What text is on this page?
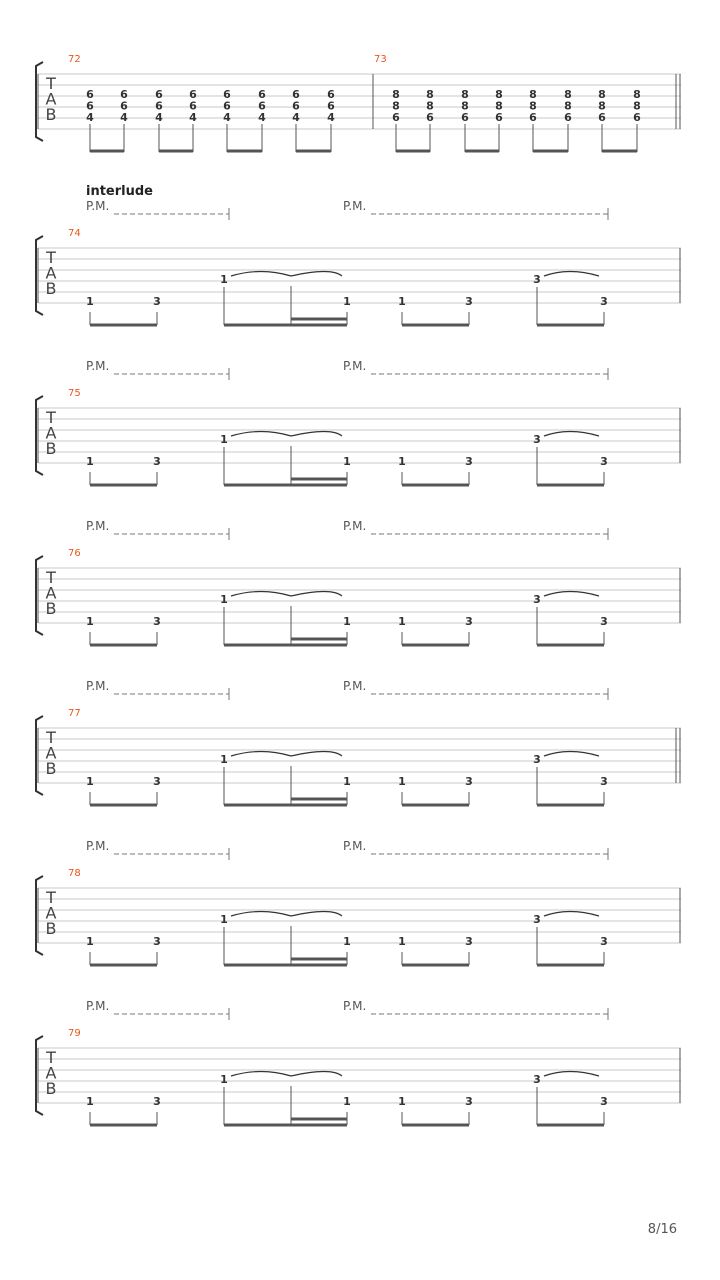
T
A
B
72
6
6
4
6
6
4
6
6
4
6
6
4
6
6
4
6
6
4
6
6
4
6
6
4
73
8
8
6
8
8
6
8
8
6
8
8
6
8
8
6
8
8
6
8
8
6
8
8
6
interlude
P.M.	P.M.
T
A
B
74
1	3
1
1	1	3
3
3
P.M.	P.M.
T
A
B
75
1	3
1
1	1	3
3
3
P.M.	P.M.
T
A
B
76
1	3
1
1	1	3
3
3
P.M.	P.M.
T
A
B
77
1	3
1
1	1	3
3
3
P.M.	P.M.
T
A
B
78
1	3
1
1	1	3
3
3
P.M.	P.M.
T
A
B
79
1	3
1
1	1	3
3
3
8/16
